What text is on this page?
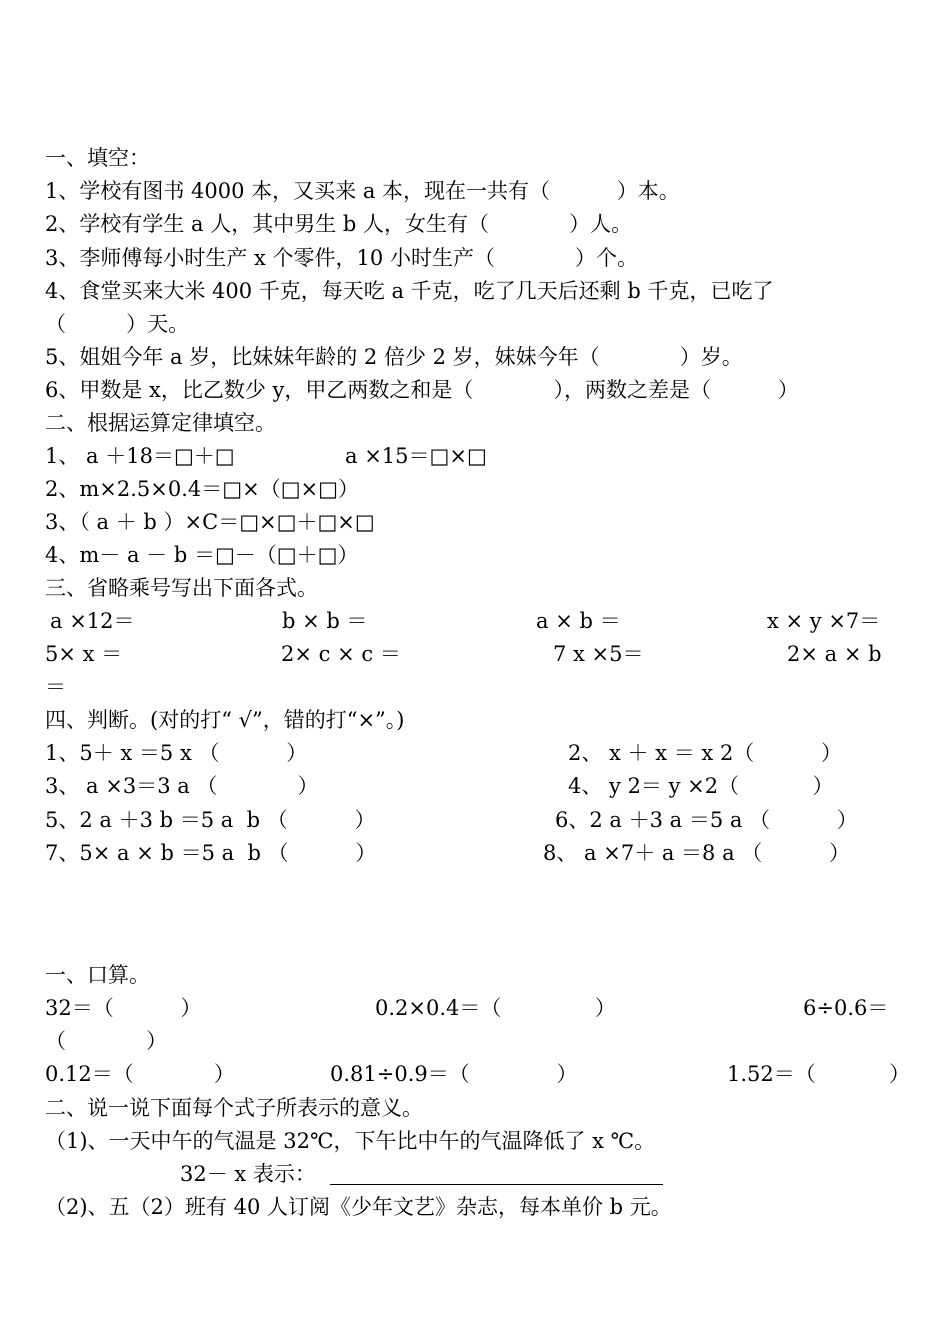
一、填空：
1、学校有图书 4000 本，又买来 a 本，现在一共有（          ）本。
2、学校有学生 a 人，其中男生 b 人，女生有（            ）人。
3、李师傅每小时生产 x 个零件，10 小时生产（            ）个。
4、食堂买来大米 400 千克，每天吃 a 千克，吃了几天后还剩 b 千克，已吃了
（         ）天。
5、姐姐今年 a 岁，比妹妹年龄的 2 倍少 2 岁，妹妹今年（            ）岁。
6、甲数是 x，比乙数少 y，甲乙两数之和是（            ），两数之差是（          ）
二、根据运算定律填空。
1、 a ＋18＝□＋□	a ×15＝□×□
2、m×2.5×0.4＝□×（□×□）
3、（ a ＋ b ）×C＝□×□＋□×□
4、m－ a － b ＝□－（□＋□）
三、省略乘号写出下面各式。
a ×12＝	b × b ＝	a × b ＝	x × y ×7＝
5× x ＝	2× c × c ＝	7 x ×5＝	2× a × b
＝
四、判断。(对的打“ √”，错的打“×”。)
1、5＋ x ＝5 x （          ）	2、 x ＋ x ＝ x 2（          ）
3、 a ×3＝3 a （            ）	4、 y 2＝ y ×2（           ）
5、2 a ＋3 b ＝5 a  b （          ）	6、2 a ＋3 a ＝5 a （          ）
7、5× a × b ＝5 a  b （          ）	8、 a ×7＋ a ＝8 a （          ）
一、口算。
32＝（          ）	0.2×0.4＝（              ）	6÷0.6＝
（            ）
0.12＝（            ）	0.81÷0.9＝（             ）	1.52＝（           ）
二、说一说下面每个式子所表示的意义。
（1)、一天中午的气温是 32℃，下午比中午的气温降低了 x ℃。
32－ x 表示：
（2)、五（2）班有 40 人订阅《少年文艺》杂志，每本单价 b 元。
